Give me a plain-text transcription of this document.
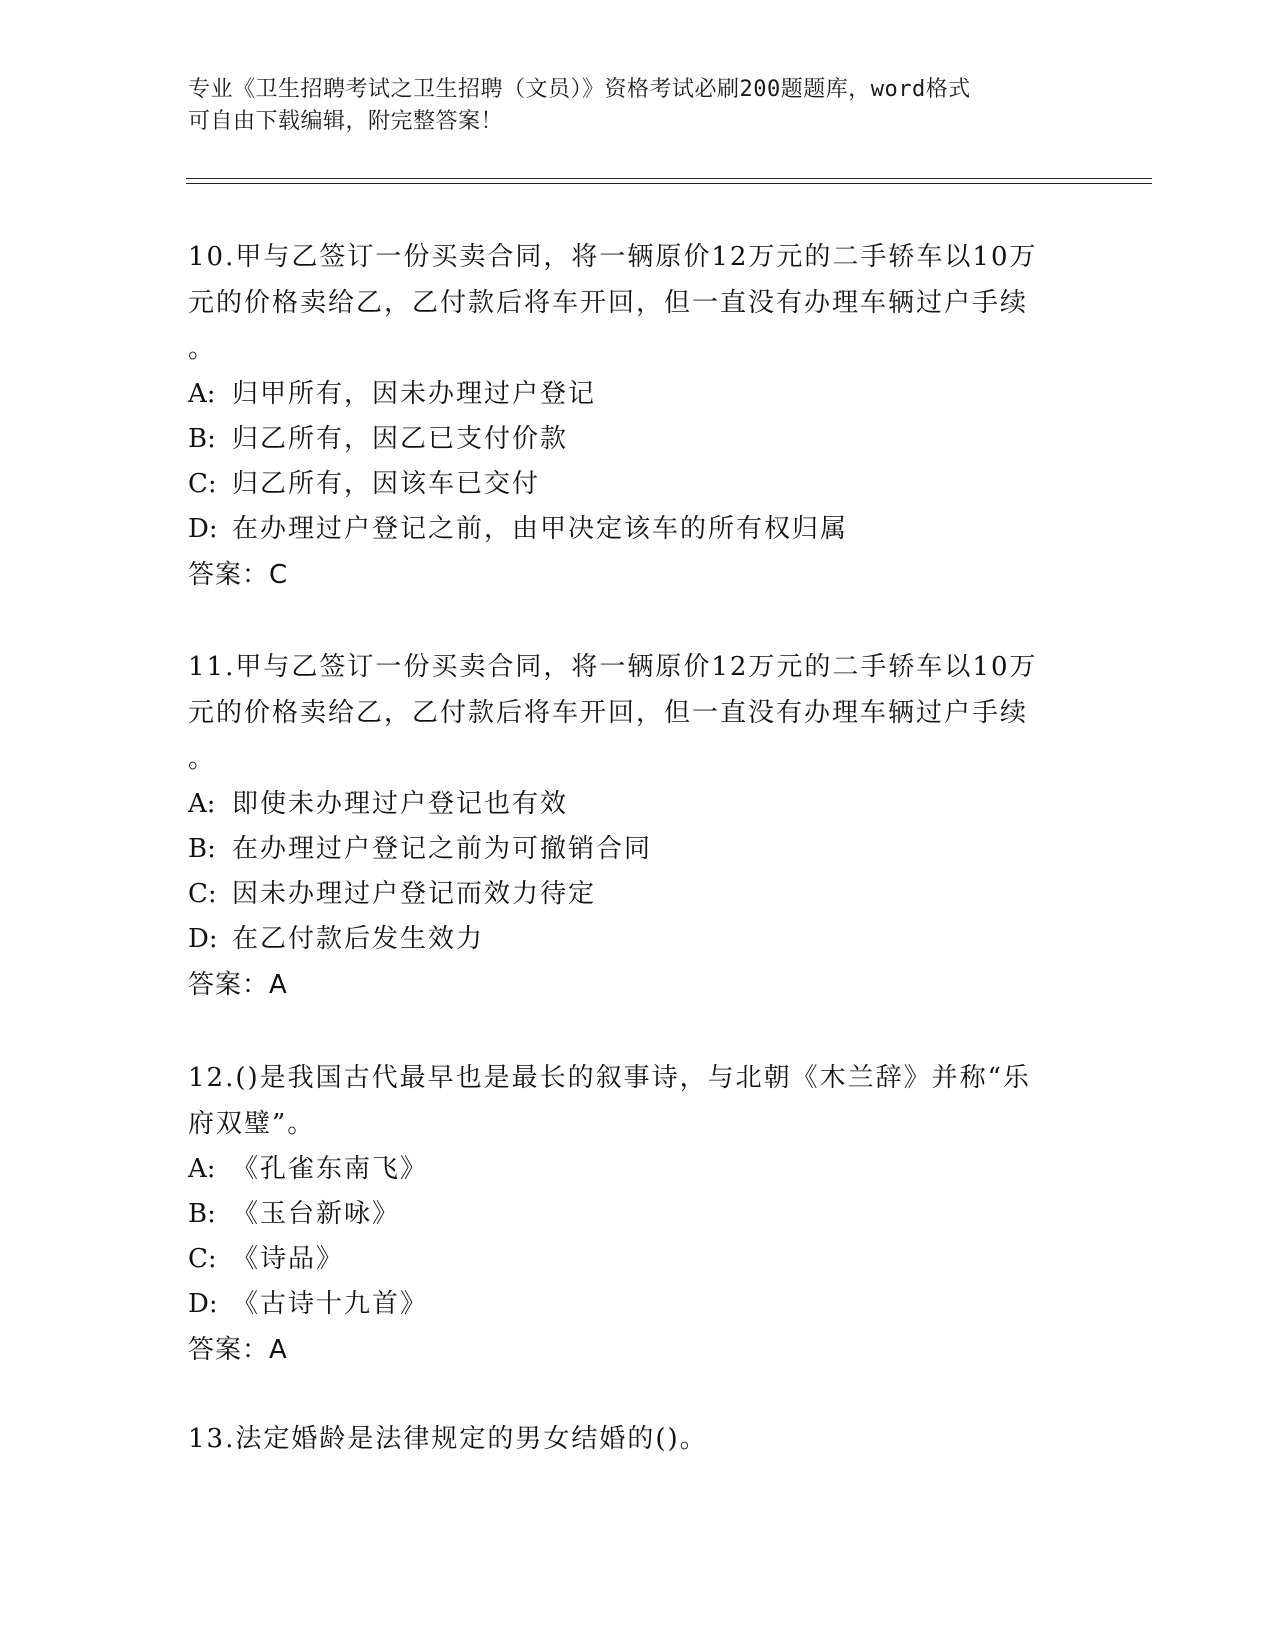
专业《卫生招聘考试之卫生招聘（文员）》资格考试必刷200题题库，word格式
可自由下载编辑，附完整答案！
10.甲与乙签订一份买卖合同，将一辆原价12万元的二手轿车以10万
元的价格卖给乙，乙付款后将车开回，但一直没有办理车辆过户手续
。
A: 归甲所有，因未办理过户登记
B: 归乙所有，因乙已支付价款
C: 归乙所有，因该车已交付
D: 在办理过户登记之前，由甲决定该车的所有权归属
答案：C
11.甲与乙签订一份买卖合同，将一辆原价12万元的二手轿车以10万
元的价格卖给乙，乙付款后将车开回，但一直没有办理车辆过户手续
。
A: 即使未办理过户登记也有效
B: 在办理过户登记之前为可撤销合同
C: 因未办理过户登记而效力待定
D: 在乙付款后发生效力
答案：A
12.()是我国古代最早也是最长的叙事诗，与北朝《木兰辞》并称“乐
府双璧”。
A: 《孔雀东南飞》
B: 《玉台新咏》
C: 《诗品》
D: 《古诗十九首》
答案：A
13.法定婚龄是法律规定的男女结婚的()。
